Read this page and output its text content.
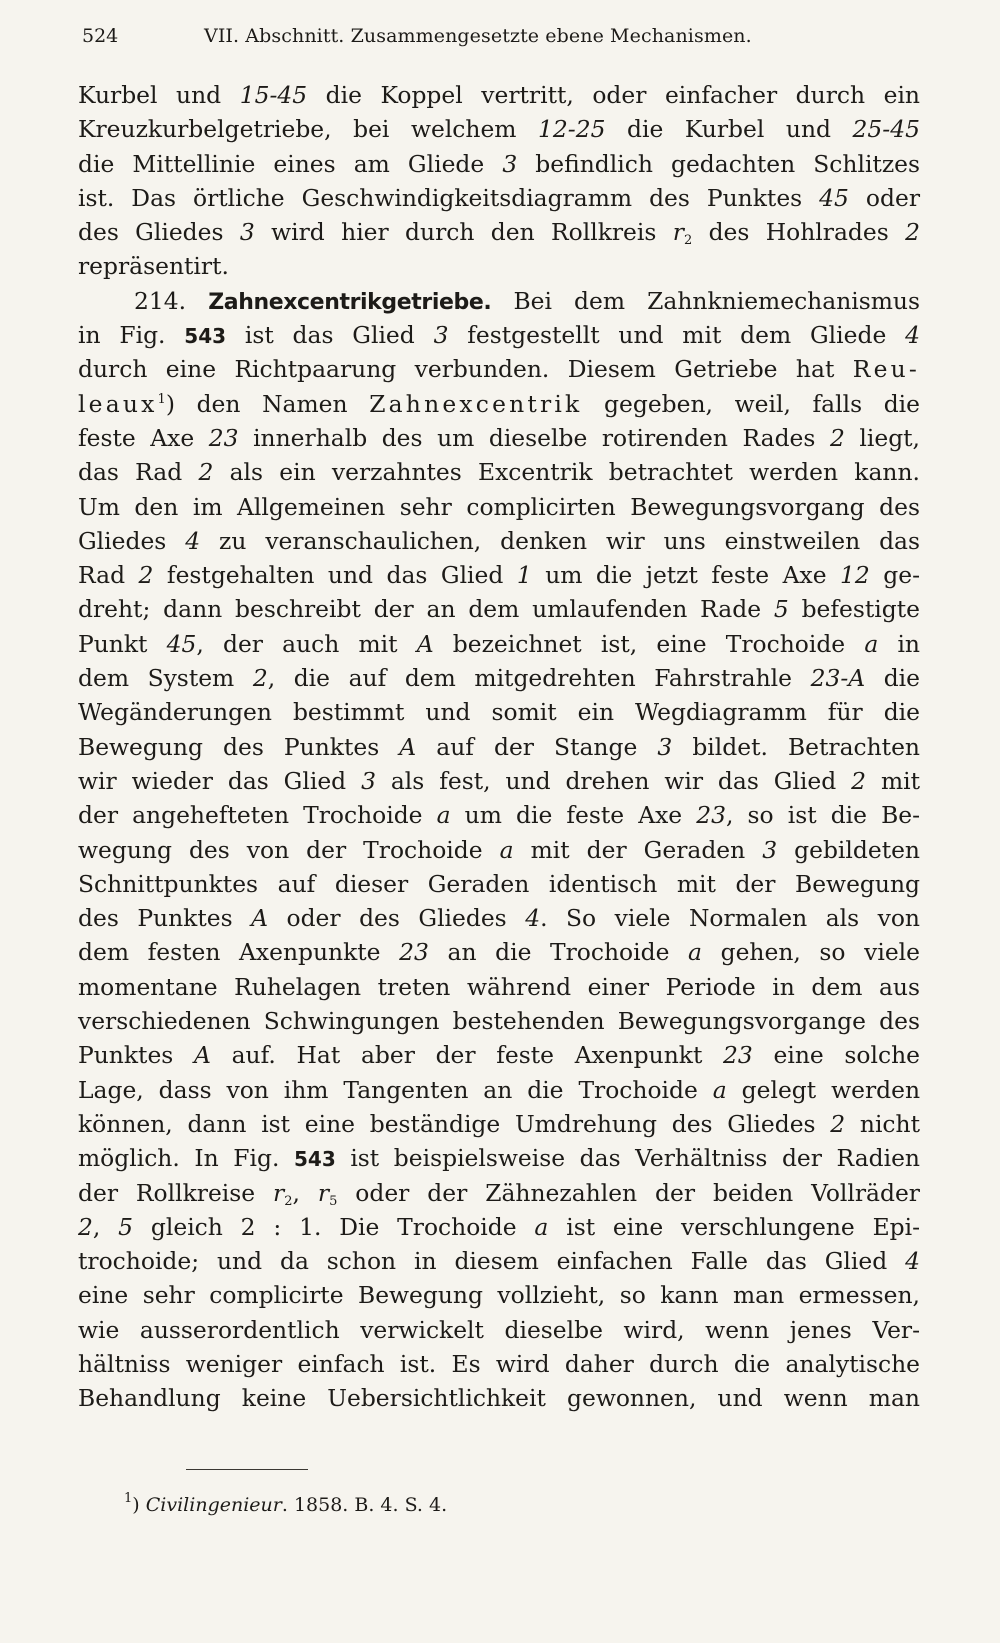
524	VII. Abschnitt. Zusammengesetzte ebene Mechanismen.
Kurbel und 15-45 die Koppel vertritt, oder einfacher durch ein
Kreuzkurbelgetriebe, bei welchem 12-25 die Kurbel und 25-45
die Mittellinie eines am Gliede 3 befindlich gedachten Schlitzes
ist. Das örtliche Geschwindigkeitsdiagramm des Punktes 45 oder
des Gliedes 3 wird hier durch den Rollkreis $r_2$ des Hohlrades 2
repräsentirt.
214. Zahnexcentrikgetriebe. Bei dem Zahnkniemechanismus
in Fig. 543 ist das Glied 3 festgestellt und mit dem Gliede 4
durch eine Richtpaarung verbunden. Diesem Getriebe hat Reu-
leaux$^1$) den Namen Zahnexcentrik gegeben, weil, falls die
feste Axe 23 innerhalb des um dieselbe rotirenden Rades 2 liegt,
das Rad 2 als ein verzahntes Excentrik betrachtet werden kann.
Um den im Allgemeinen sehr complicirten Bewegungsvorgang des
Gliedes 4 zu veranschaulichen, denken wir uns einstweilen das
Rad 2 festgehalten und das Glied 1 um die jetzt feste Axe 12 ge-
dreht; dann beschreibt der an dem umlaufenden Rade 5 befestigte
Punkt 45, der auch mit A bezeichnet ist, eine Trochoide a in
dem System 2, die auf dem mitgedrehten Fahrstrahle 23-A die
Wegänderungen bestimmt und somit ein Wegdiagramm für die
Bewegung des Punktes A auf der Stange 3 bildet. Betrachten
wir wieder das Glied 3 als fest, und drehen wir das Glied 2 mit
der angehefteten Trochoide a um die feste Axe 23, so ist die Be-
wegung des von der Trochoide a mit der Geraden 3 gebildeten
Schnittpunktes auf dieser Geraden identisch mit der Bewegung
des Punktes A oder des Gliedes 4. So viele Normalen als von
dem festen Axenpunkte 23 an die Trochoide a gehen, so viele
momentane Ruhelagen treten während einer Periode in dem aus
verschiedenen Schwingungen bestehenden Bewegungsvorgange des
Punktes A auf. Hat aber der feste Axenpunkt 23 eine solche
Lage, dass von ihm Tangenten an die Trochoide a gelegt werden
können, dann ist eine beständige Umdrehung des Gliedes 2 nicht
möglich. In Fig. 543 ist beispielsweise das Verhältniss der Radien
der Rollkreise $r_2$, $r_5$ oder der Zähnezahlen der beiden Vollräder
2, 5 gleich 2 : 1. Die Trochoide a ist eine verschlungene Epi-
trochoide; und da schon in diesem einfachen Falle das Glied 4
eine sehr complicirte Bewegung vollzieht, so kann man ermessen,
wie ausserordentlich verwickelt dieselbe wird, wenn jenes Ver-
hältniss weniger einfach ist. Es wird daher durch die analytische
Behandlung keine Uebersichtlichkeit gewonnen, und wenn man
$^1$) Civilingenieur. 1858. B. 4. S. 4.
